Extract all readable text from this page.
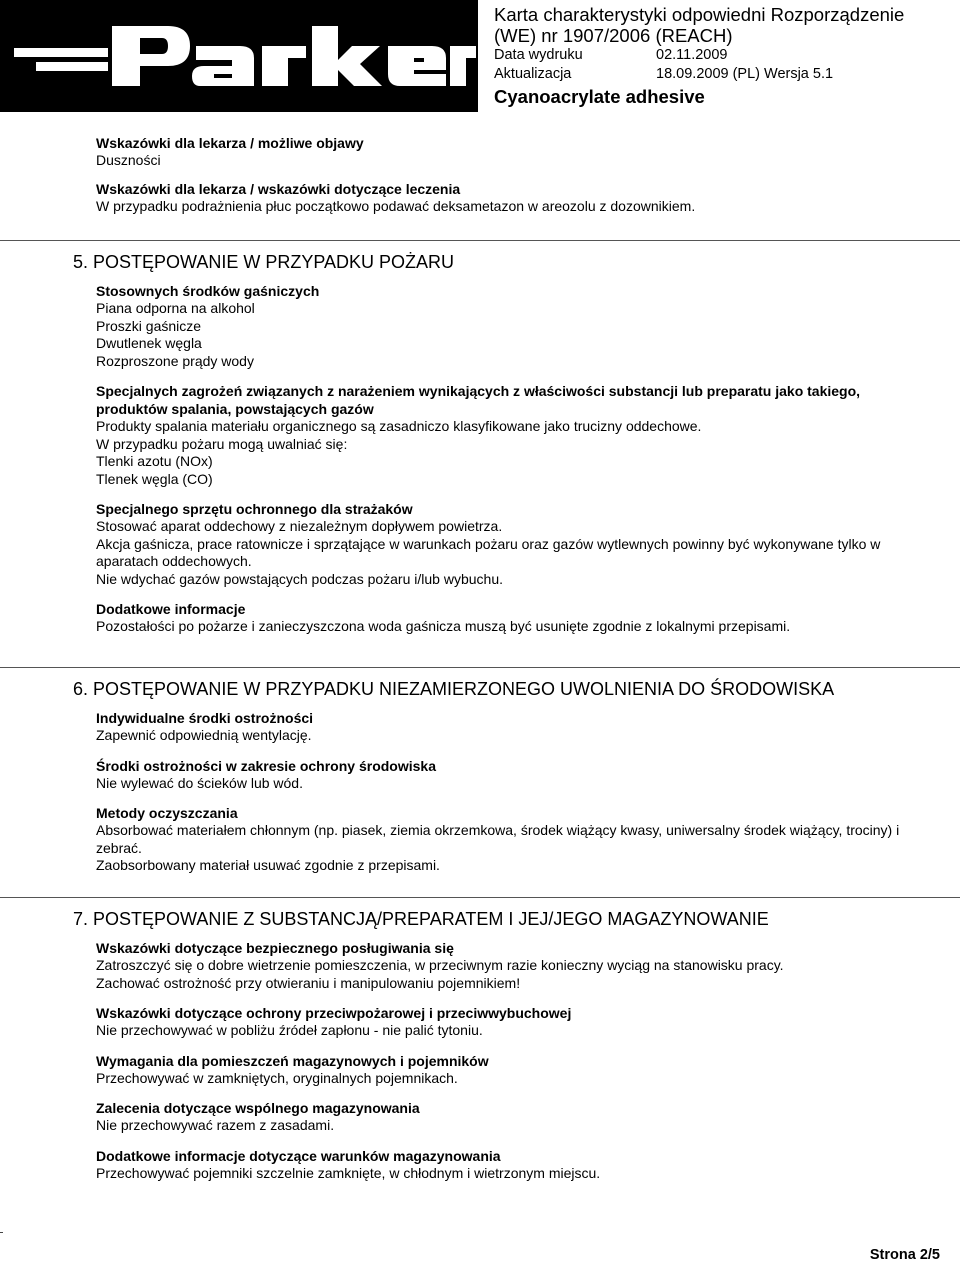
Karta charakterystyki odpowiedni Rozporządzenie
(WE) nr 1907/2006 (REACH)
Data wydruku	02.11.2009
Aktualizacja	18.09.2009 (PL) Wersja 5.1
Cyanoacrylate adhesive
Wskazówki dla lekarza / możliwe objawy
Duszności
Wskazówki dla lekarza / wskazówki dotyczące leczenia
W przypadku podrażnienia płuc początkowo podawać deksametazon w areozolu z dozownikiem.
5. POSTĘPOWANIE W PRZYPADKU POŻARU
Stosownych środków gaśniczych
Piana odporna na alkohol
Proszki gaśnicze
Dwutlenek węgla
Rozproszone prądy wody
Specjalnych zagrożeń związanych z narażeniem wynikających z właściwości substancji lub preparatu jako takiego, produktów spalania, powstających gazów
Produkty spalania materiału organicznego są zasadniczo klasyfikowane jako trucizny oddechowe.
W przypadku pożaru mogą uwalniać się:
Tlenki azotu (NOx)
Tlenek węgla (CO)
Specjalnego sprzętu ochronnego dla strażaków
Stosować aparat oddechowy z niezależnym dopływem powietrza.
Akcja gaśnicza, prace ratownicze i sprzątające w warunkach pożaru oraz gazów wytlewnych powinny być wykonywane tylko w aparatach oddechowych.
Nie wdychać gazów powstających podczas pożaru i/lub wybuchu.
Dodatkowe informacje
Pozostałości po pożarze i zanieczyszczona woda gaśnicza muszą być usunięte zgodnie z lokalnymi przepisami.
6. POSTĘPOWANIE W PRZYPADKU NIEZAMIERZONEGO UWOLNIENIA DO ŚRODOWISKA
Indywidualne środki ostrożności
Zapewnić odpowiednią wentylację.
Środki ostrożności w zakresie ochrony środowiska
Nie wylewać do ścieków lub wód.
Metody oczyszczania
Absorbować materiałem chłonnym (np. piasek, ziemia okrzemkowa, środek wiążący kwasy, uniwersalny środek wiążący, trociny) i zebrać.
Zaobsorbowany materiał usuwać zgodnie z przepisami.
7. POSTĘPOWANIE Z SUBSTANCJĄ/PREPARATEM I JEJ/JEGO MAGAZYNOWANIE
Wskazówki dotyczące bezpiecznego posługiwania się
Zatroszczyć się o dobre wietrzenie pomieszczenia, w przeciwnym razie konieczny wyciąg na stanowisku pracy.
Zachować ostrożność przy otwieraniu i manipulowaniu pojemnikiem!
Wskazówki dotyczące ochrony przeciwpożarowej i przeciwwybuchowej
Nie przechowywać w pobliżu źródeł zapłonu - nie palić tytoniu.
Wymagania dla pomieszczeń magazynowych i pojemników
Przechowywać w zamkniętych, oryginalnych pojemnikach.
Zalecenia dotyczące wspólnego magazynowania
Nie przechowywać razem z zasadami.
Dodatkowe informacje dotyczące warunków magazynowania
Przechowywać pojemniki szczelnie zamknięte, w chłodnym i wietrzonym miejscu.
Strona 2/5
